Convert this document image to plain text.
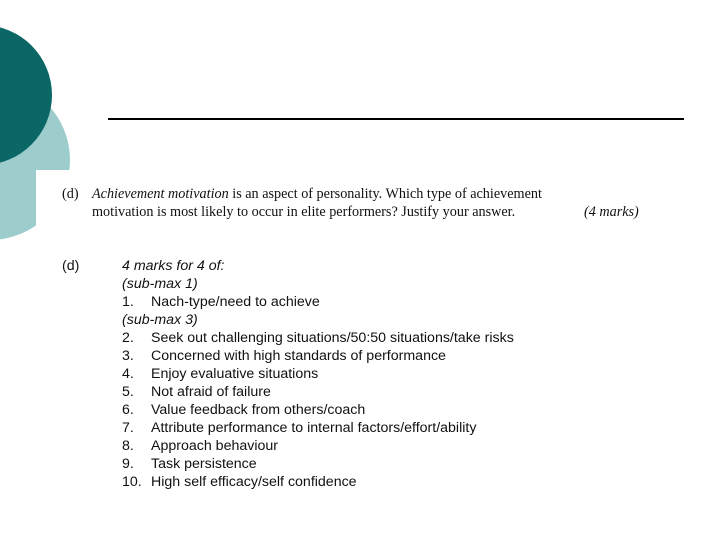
(d) Achievement motivation is an aspect of personality. Which type of achievement
motivation is most likely to occur in elite performers? Justify your answer.	(4 marks)
(d)	4 marks for 4 of:
(sub-max 1)
1. Nach-type/need to achieve
(sub-max 3)
2. Seek out challenging situations/50:50 situations/take risks
3. Concerned with high standards of performance
4. Enjoy evaluative situations
5. Not afraid of failure
6. Value feedback from others/coach
7. Attribute performance to internal factors/effort/ability
8. Approach behaviour
9. Task persistence
10. High self efficacy/self confidence
